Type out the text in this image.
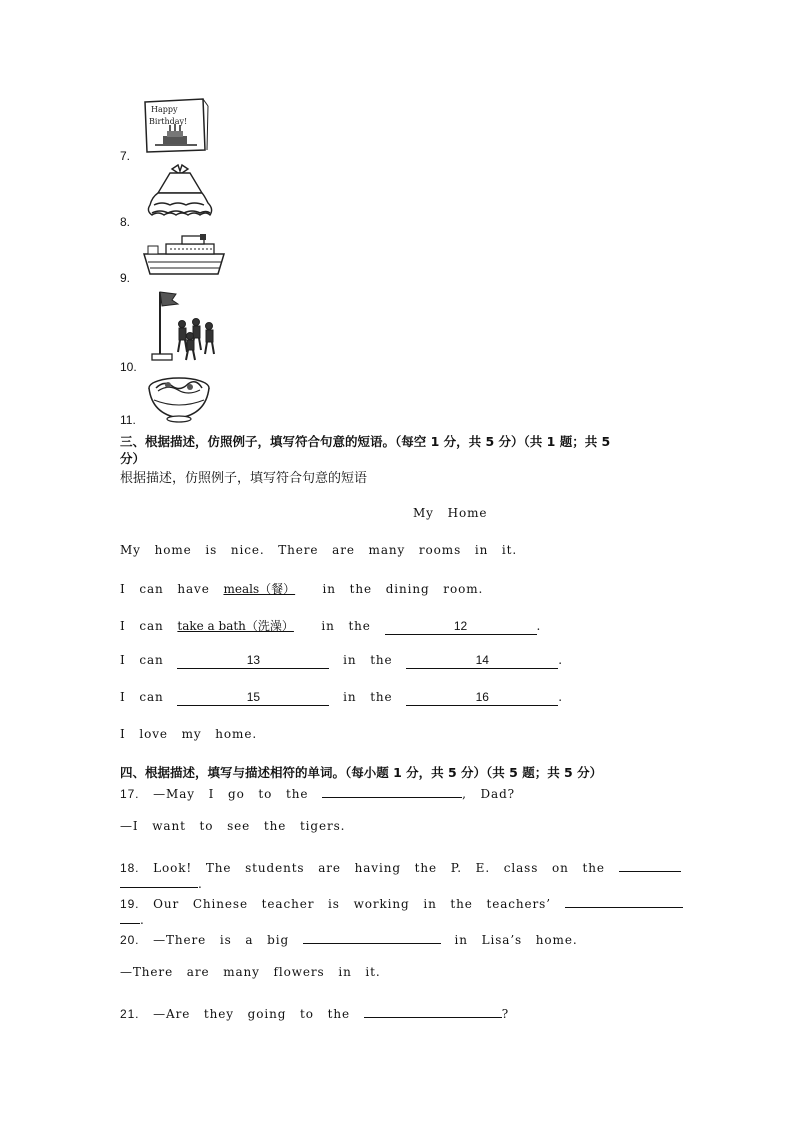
7.
Happy
Birthday!
8.
9.
10.
11.
三、根据描述，仿照例子，填写符合句意的短语。（每空 1 分，共 5 分）（共 1 题；共 5
分）
根据描述，仿照例子，填写符合句意的短语
My Home
My home is nice. There are many rooms in it.
I can have meals（餐） in the dining room.
I can take a bath（洗澡） in the	12	.
I can	13	in the	14	.
I can	15	in the	16	.
I love my home.
四、根据描述，填写与描述相符的单词。（每小题 1 分，共 5 分）（共 5 题；共 5 分）
17. —May I go to the	, Dad?
—I want to see the tigers.
18. Look! The students are having the P. E. class on the
.
19. Our Chinese teacher is working in the teachers’
.
20. —There is a big	in Lisa’s home.
—There are many flowers in it.
21. —Are they going to the	?
